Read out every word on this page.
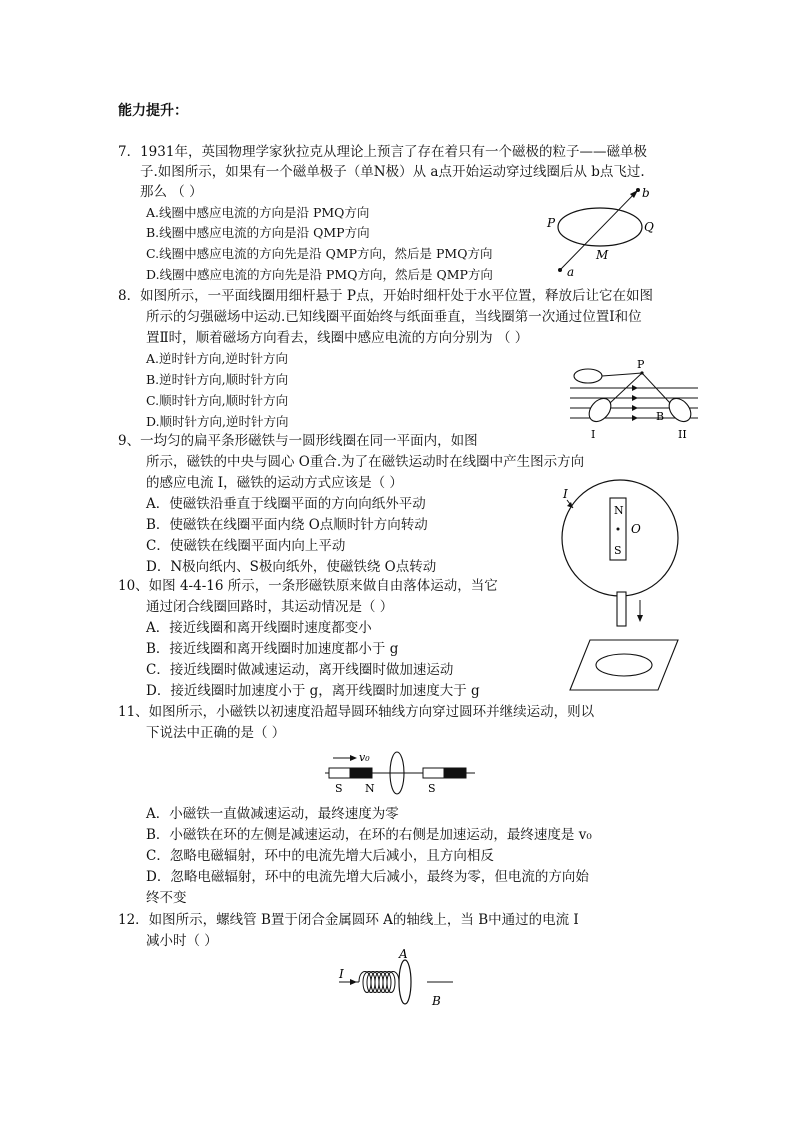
能力提升：
7．1931年，英国物理学家狄拉克从理论上预言了存在着只有一个磁极的粒子——磁单极
子.如图所示，如果有一个磁单极子（单N极）从 a点开始运动穿过线圈后从 b点飞过.
那么 （ ）
A.线圈中感应电流的方向是沿 PMQ方向
B.线圈中感应电流的方向是沿 QMP方向
C.线圈中感应电流的方向先是沿 QMP方向，然后是 PMQ方向
D.线圈中感应电流的方向先是沿 PMQ方向，然后是 QMP方向
P	Q
M
a
b
8．如图所示，一平面线圈用细杆悬于 P点，开始时细杆处于水平位置，释放后让它在如图
所示的匀强磁场中运动.已知线圈平面始终与纸面垂直，当线圈第一次通过位置Ⅰ和位
置Ⅱ时，顺着磁场方向看去，线圈中感应电流的方向分别为 （ ）
A.逆时针方向,逆时针方向
B.逆时针方向,顺时针方向
C.顺时针方向,顺时针方向
D.顺时针方向,逆时针方向
P
B
I	II
9、一均匀的扁平条形磁铁与一圆形线圈在同一平面内，如图
所示，磁铁的中央与圆心 O重合.为了在磁铁运动时在线圈中产生图示方向
的感应电流 I，磁铁的运动方式应该是（ ）
A．使磁铁沿垂直于线圈平面的方向向纸外平动
B．使磁铁在线圈平面内绕 O点顺时针方向转动
C．使磁铁在线圈平面内向上平动
D．N极向纸内、S极向纸外，使磁铁绕 O点转动
I
N
S
O
10、如图 4-4-16 所示，一条形磁铁原来做自由落体运动，当它
通过闭合线圈回路时，其运动情况是（ ）
A．接近线圈和离开线圈时速度都变小
B．接近线圈和离开线圈时加速度都小于 g
C．接近线圈时做减速运动，离开线圈时做加速运动
D．接近线圈时加速度小于 g，离开线圈时加速度大于 g
11、如图所示，小磁铁以初速度沿超导圆环轴线方向穿过圆环并继续运动，则以
下说法中正确的是（ ）
v₀
S N	S
A．小磁铁一直做减速运动，最终速度为零
B．小磁铁在环的左侧是减速运动，在环的右侧是加速运动，最终速度是 v₀
C．忽略电磁辐射，环中的电流先增大后减小，且方向相反
D．忽略电磁辐射，环中的电流先增大后减小，最终为零，但电流的方向始
终不变
12．如图所示，螺线管 B置于闭合金属圆环 A的轴线上，当 B中通过的电流 I
减小时（ ）
I
A
B
